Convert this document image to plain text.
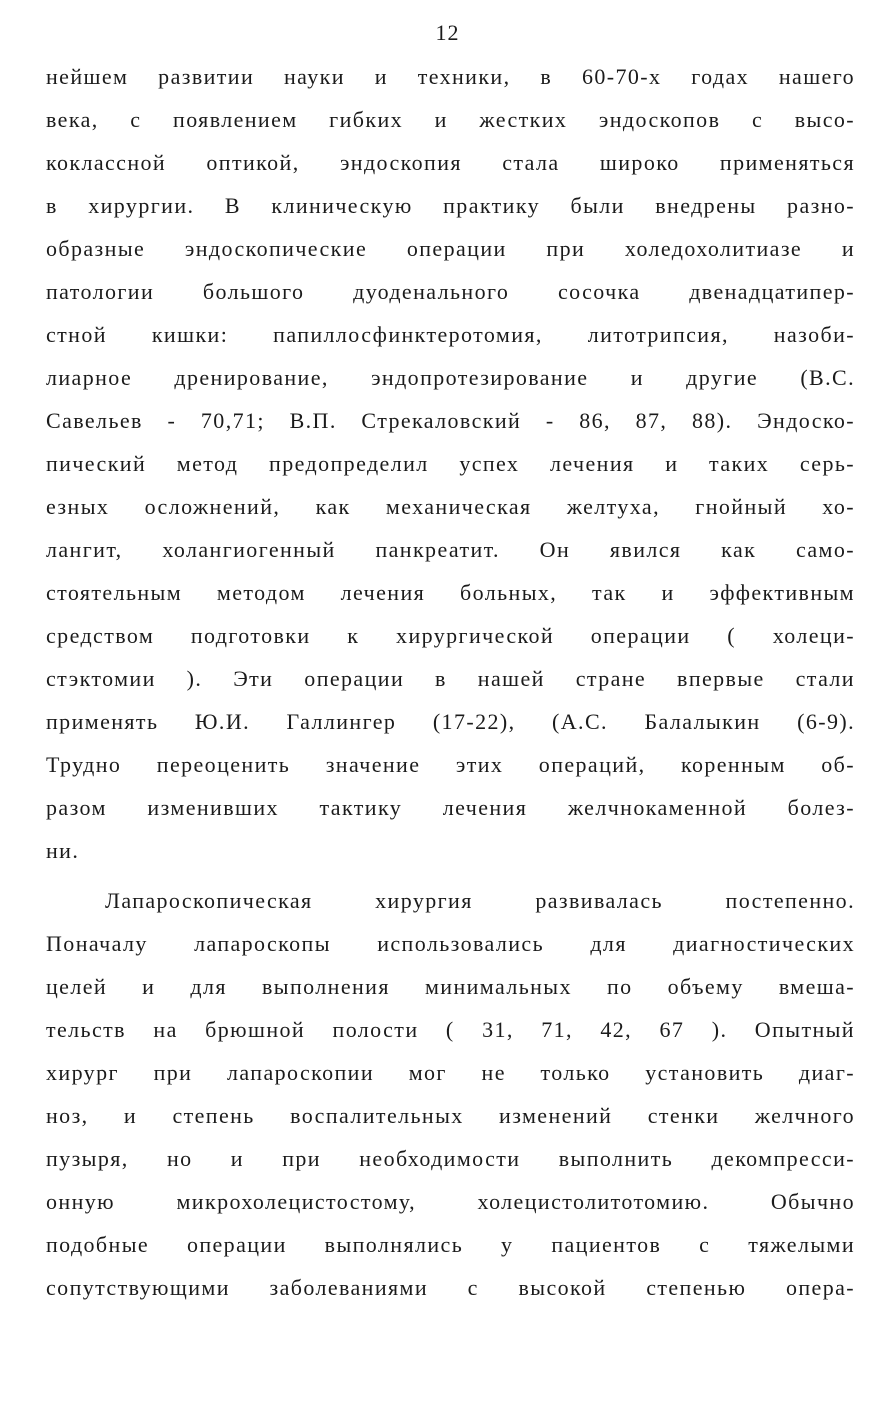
12
нейшем развитии науки и техники, в 60-70-х годах нашего
века, с появлением гибких и жестких эндоскопов с высо-
коклассной оптикой, эндоскопия стала широко применяться
в хирургии. В клиническую практику были внедрены разно-
образные эндоскопические операции при холедохолитиазе и
патологии большого дуоденального сосочка двенадцатипер-
стной кишки: папиллосфинктеротомия, литотрипсия, назоби-
лиарное дренирование, эндопротезирование и другие (В.С.
Савельев - 70,71; В.П. Стрекаловский - 86, 87, 88). Эндоско-
пический метод предопределил успех лечения и таких серь-
езных осложнений, как механическая желтуха, гнойный хо-
лангит, холангиогенный панкреатит. Он явился как само-
стоятельным методом лечения больных, так и эффективным
средством подготовки к хирургической операции ( холеци-
стэктомии ). Эти операции в нашей стране впервые стали
применять Ю.И. Галлингер (17-22), (А.С. Балалыкин (6-9).
Трудно переоценить значение этих операций, коренным об-
разом изменивших тактику лечения желчнокаменной болез-
ни.
Лапароскопическая хирургия развивалась постепенно.
Поначалу лапароскопы использовались для диагностических
целей и для выполнения минимальных по объему вмеша-
тельств на брюшной полости ( 31, 71, 42, 67 ). Опытный
хирург при лапароскопии мог не только установить диаг-
ноз, и степень воспалительных изменений стенки желчного
пузыря, но и при необходимости выполнить декомпресси-
онную микрохолецистостому, холецистолитотомию. Обычно
подобные операции выполнялись у пациентов с тяжелыми
сопутствующими заболеваниями с высокой степенью опера-
